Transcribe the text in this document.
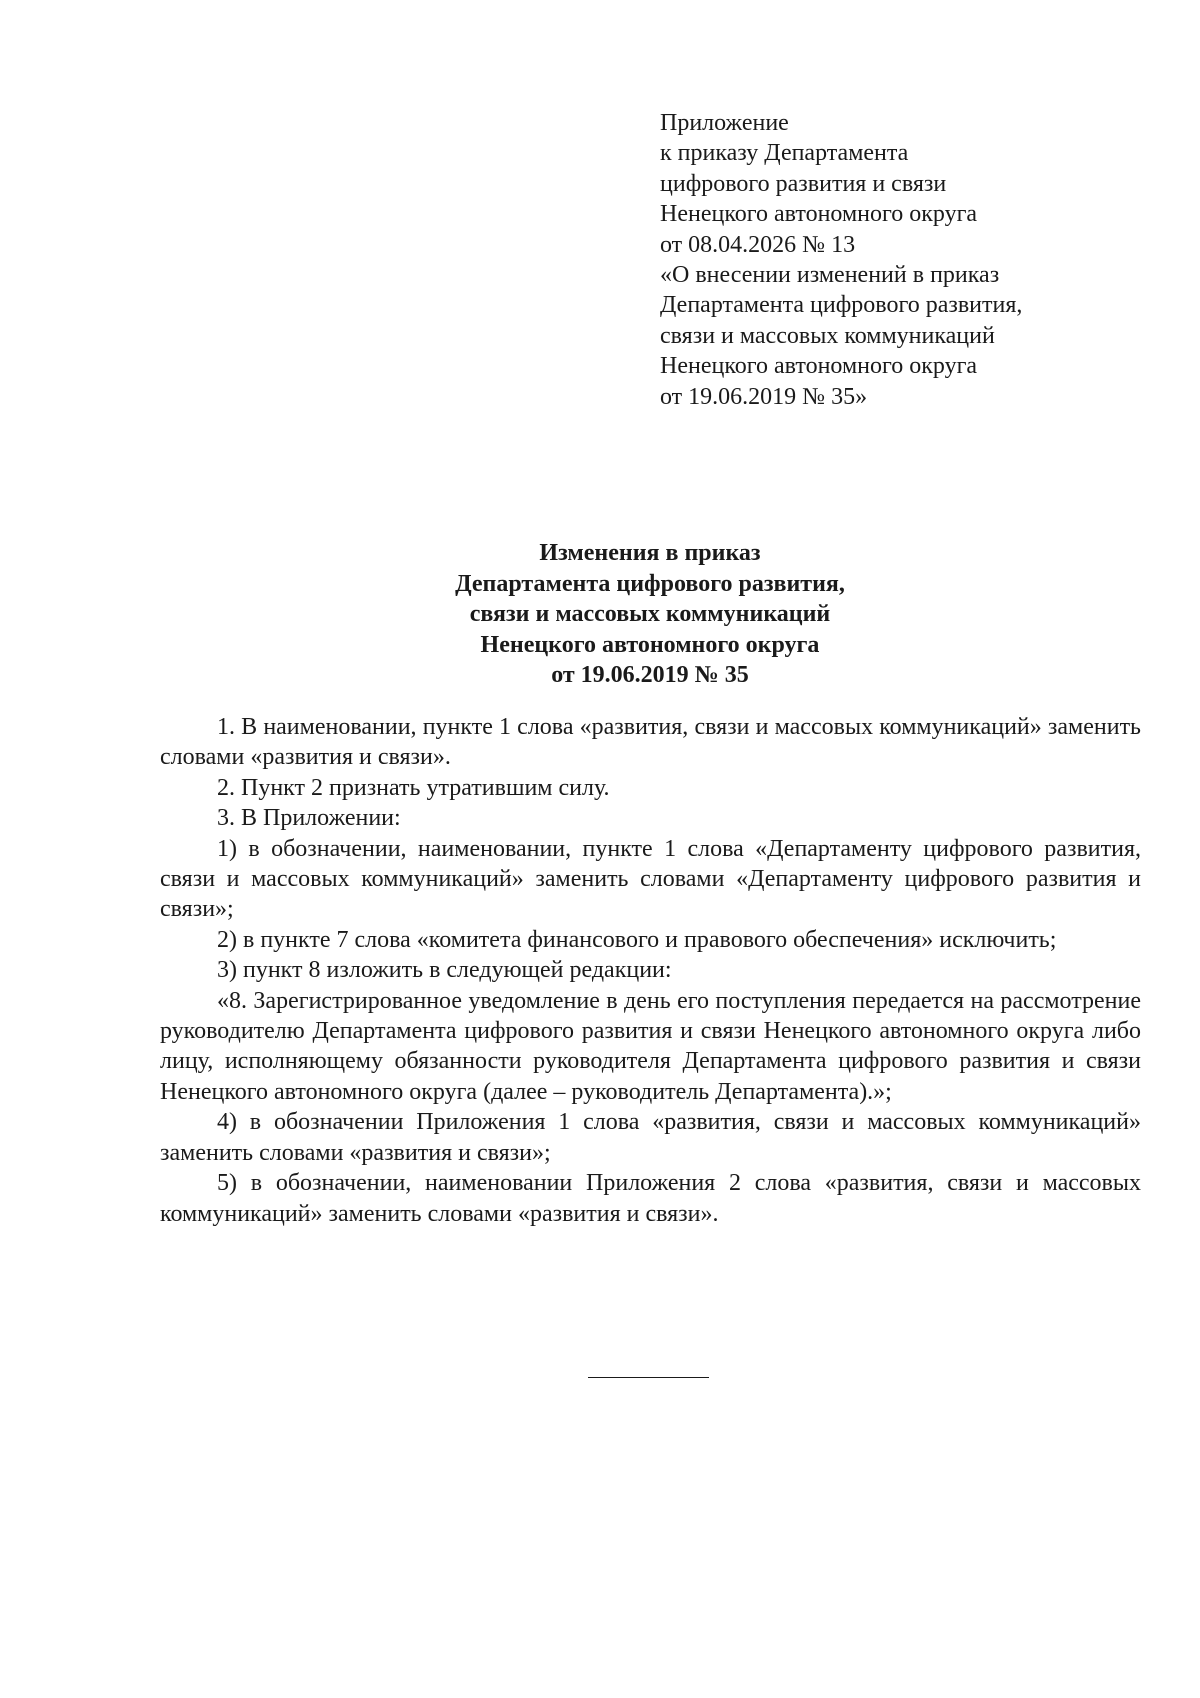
Приложение
к приказу Департамента
цифрового развития и связи
Ненецкого автономного округа
от 08.04.2026 № 13
«О внесении изменений в приказ
Департамента цифрового развития,
связи и массовых коммуникаций
Ненецкого автономного округа
от 19.06.2019 № 35»
Изменения в приказ
Департамента цифрового развития,
связи и массовых коммуникаций
Ненецкого автономного округа
от 19.06.2019 № 35

1. В наименовании, пункте 1 слова «развития, связи и массовых коммуникаций» заменить словами «развития и связи».

2. Пункт 2 признать утратившим силу.

3. В Приложении:

1) в обозначении, наименовании, пункте 1 слова «Департаменту цифрового развития, связи и массовых коммуникаций» заменить словами «Департаменту цифрового развития и связи»;

2) в пункте 7 слова «комитета финансового и правового обеспечения» исключить;

3) пункт 8 изложить в следующей редакции:

«8. Зарегистрированное уведомление в день его поступления передается на рассмотрение руководителю Департамента цифрового развития и связи Ненецкого автономного округа либо лицу, исполняющему обязанности руководителя Департамента цифрового развития и связи Ненецкого автономного округа (далее – руководитель Департамента).»;

4) в обозначении Приложения 1 слова «развития, связи и массовых коммуникаций» заменить словами «развития и связи»;

5) в обозначении, наименовании Приложения 2 слова «развития, связи и массовых коммуникаций» заменить словами «развития и связи».
